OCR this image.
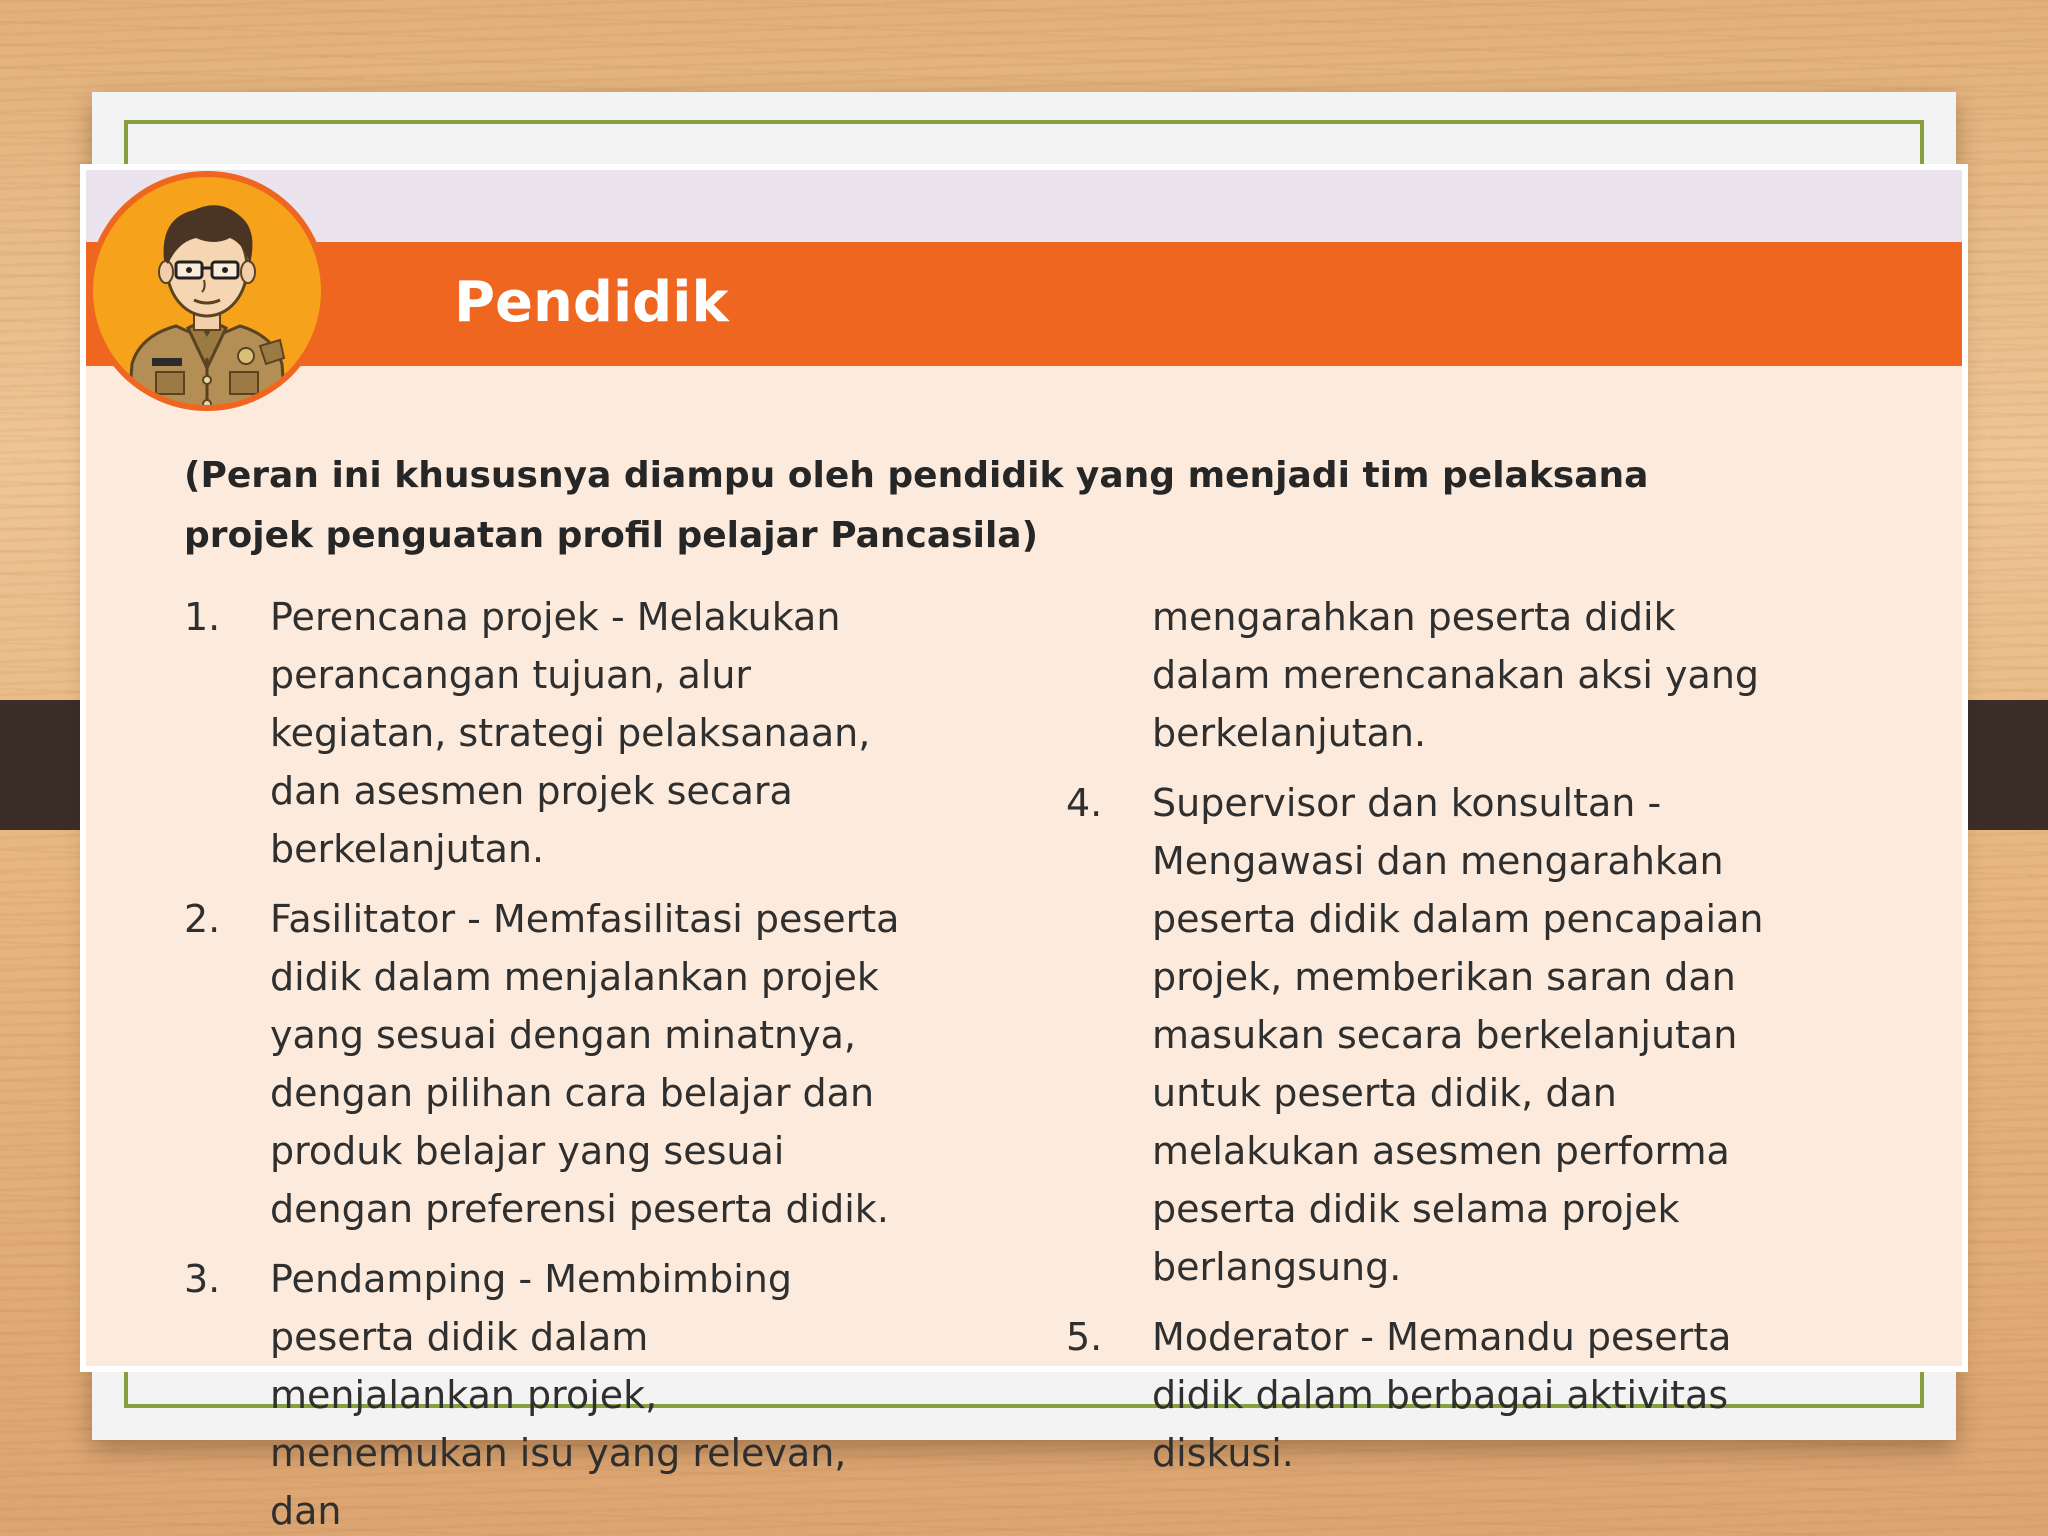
Pendidik

(Peran ini khususnya diampu oleh pendidik yang menjadi tim pelaksana projek penguatan profil pelajar Pancasila)

1. Perencana projek - Melakukan perancangan tujuan, alur kegiatan, strategi pelaksanaan, dan asesmen projek secara berkelanjutan.
2. Fasilitator - Memfasilitasi peserta didik dalam menjalankan projek yang sesuai dengan minatnya, dengan pilihan cara belajar dan produk belajar yang sesuai dengan preferensi peserta didik.
3. Pendamping - Membimbing peserta didik dalam menjalankan projek, menemukan isu yang relevan, dan
mengarahkan peserta didik dalam merencanakan aksi yang berkelanjutan.
4. Supervisor dan konsultan - Mengawasi dan mengarahkan peserta didik dalam pencapaian projek, memberikan saran dan masukan secara berkelanjutan untuk peserta didik, dan melakukan asesmen performa peserta didik selama projek berlangsung.
5. Moderator - Memandu peserta didik dalam berbagai aktivitas diskusi.
